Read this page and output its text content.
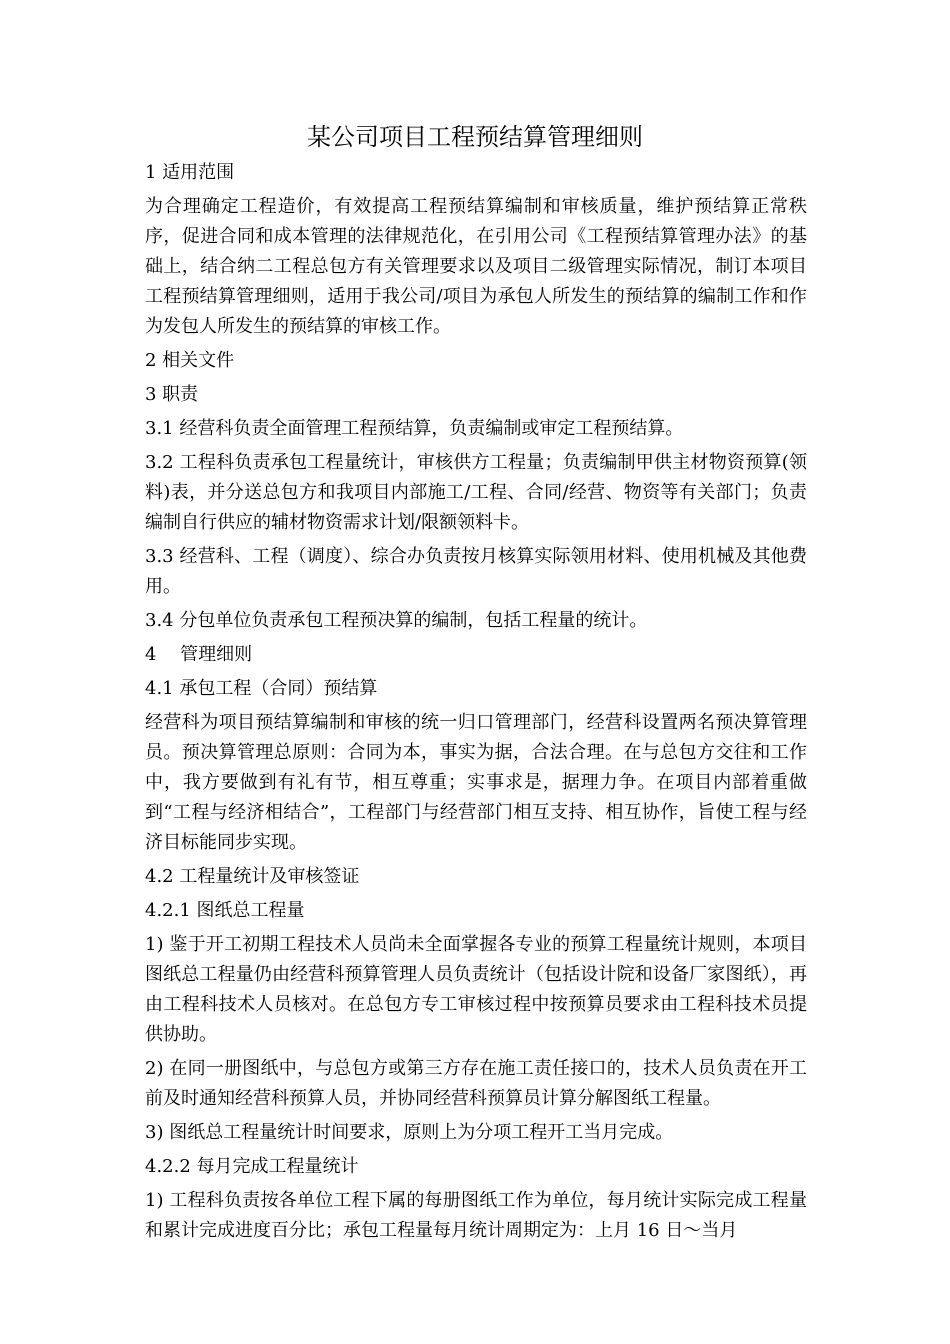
某公司项目工程预结算管理细则

1 适用范围

为合理确定工程造价，有效提高工程预结算编制和审核质量，维护预结算正常秩序，促进合同和成本管理的法律规范化，在引用公司《工程预结算管理办法》的基础上，结合纳二工程总包方有关管理要求以及项目二级管理实际情况，制订本项目工程预结算管理细则，适用于我公司/项目为承包人所发生的预结算的编制工作和作为发包人所发生的预结算的审核工作。

2 相关文件

3 职责

3.1 经营科负责全面管理工程预结算，负责编制或审定工程预结算。

3.2 工程科负责承包工程量统计，审核供方工程量；负责编制甲供主材物资预算(领料)表，并分送总包方和我项目内部施工/工程、合同/经营、物资等有关部门；负责编制自行供应的辅材物资需求计划/限额领料卡。

3.3 经营科、工程（调度）、综合办负责按月核算实际领用材料、使用机械及其他费用。

3.4 分包单位负责承包工程预决算的编制，包括工程量的统计。

4　 管理细则

4.1 承包工程（合同）预结算

经营科为项目预结算编制和审核的统一归口管理部门，经营科设置两名预决算管理员。预决算管理总原则：合同为本，事实为据，合法合理。在与总包方交往和工作中，我方要做到有礼有节，相互尊重；实事求是，据理力争。在项目内部着重做到“工程与经济相结合”，工程部门与经营部门相互支持、相互协作，旨使工程与经济目标能同步实现。

4.2 工程量统计及审核签证

4.2.1 图纸总工程量

1) 鉴于开工初期工程技术人员尚未全面掌握各专业的预算工程量统计规则，本项目图纸总工程量仍由经营科预算管理人员负责统计（包括设计院和设备厂家图纸），再由工程科技术人员核对。在总包方专工审核过程中按预算员要求由工程科技术员提供协助。

2) 在同一册图纸中，与总包方或第三方存在施工责任接口的，技术人员负责在开工前及时通知经营科预算人员，并协同经营科预算员计算分解图纸工程量。

3) 图纸总工程量统计时间要求，原则上为分项工程开工当月完成。

4.2.2 每月完成工程量统计

1) 工程科负责按各单位工程下属的每册图纸工作为单位，每月统计实际完成工程量和累计完成进度百分比；承包工程量每月统计周期定为：上月 16 日～当月
